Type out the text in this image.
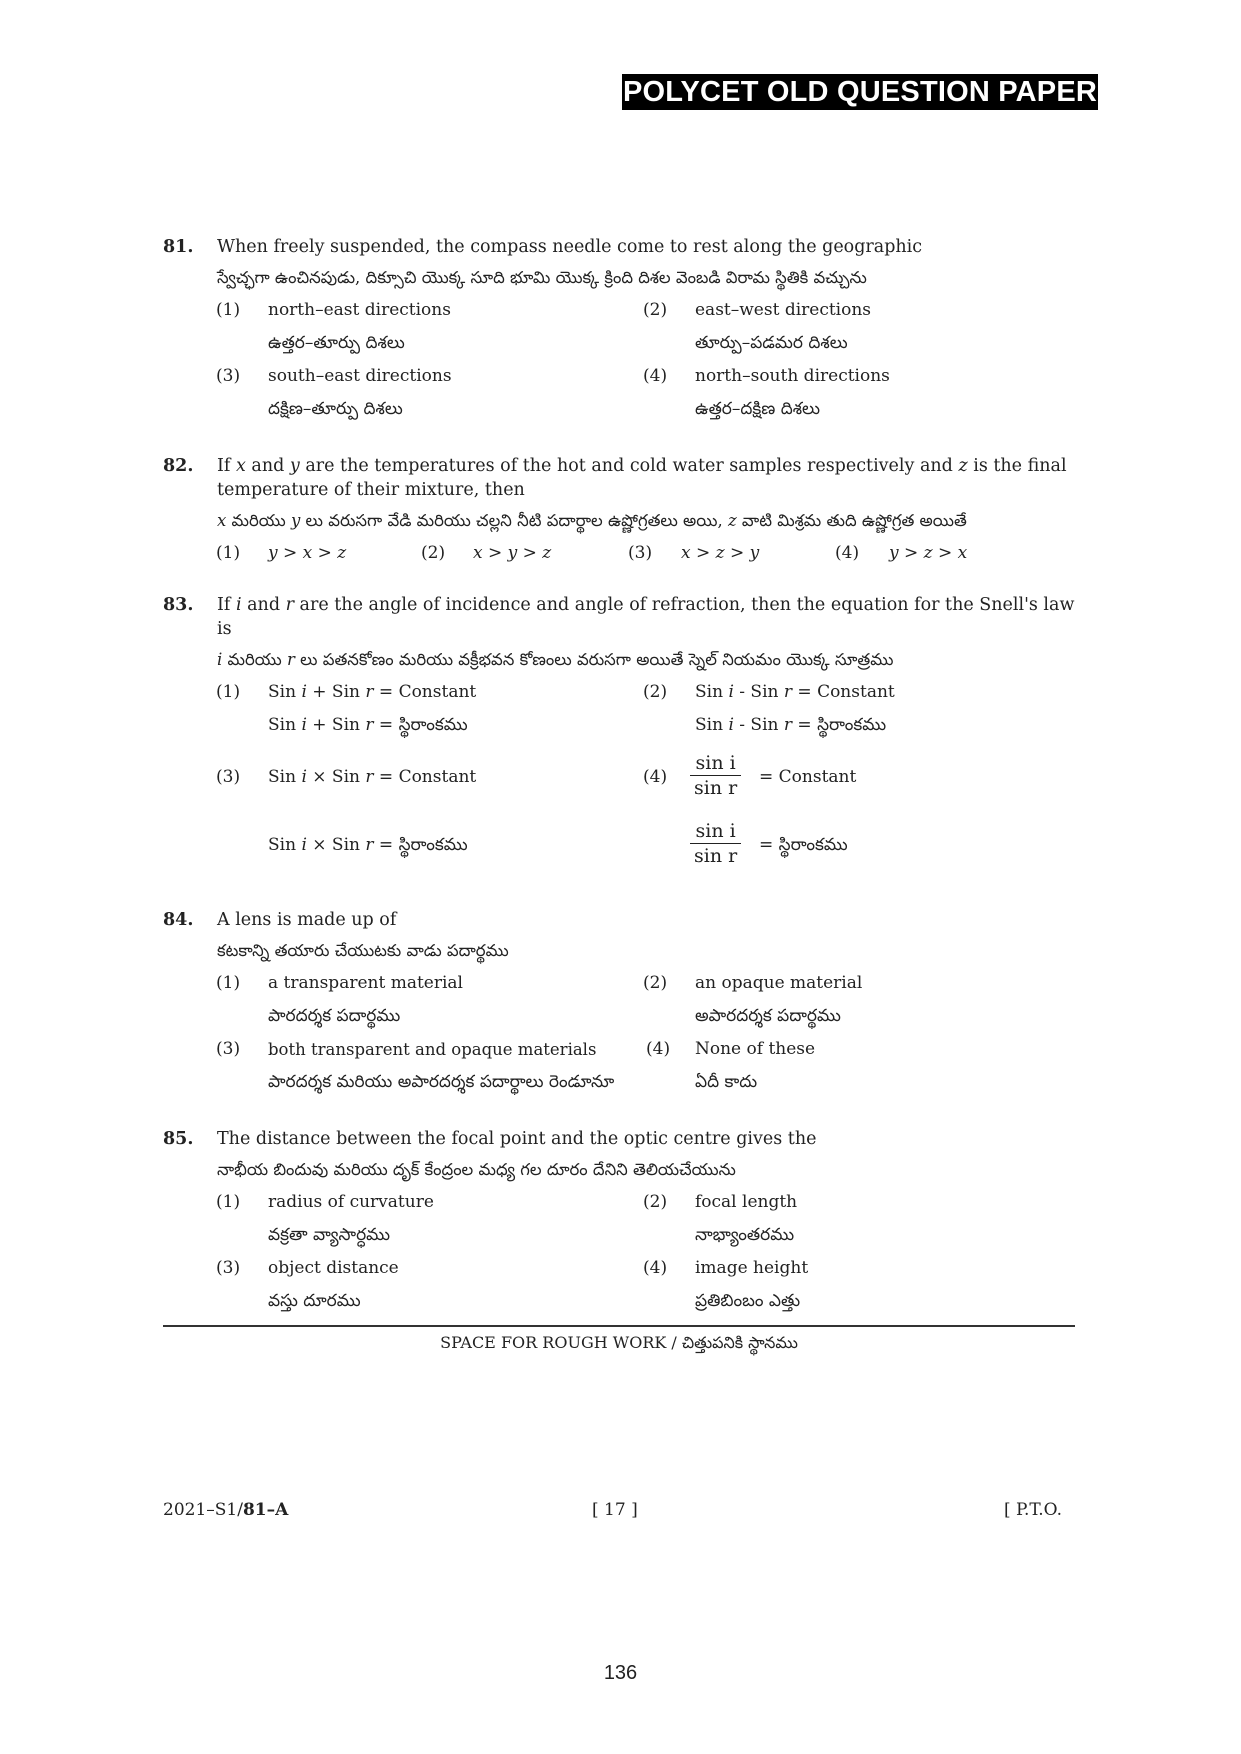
POLYCET OLD QUESTION PAPER
81. When freely suspended, the compass needle come to rest along the geographic
స్వేచ్ఛగా ఉంచినపుడు, దిక్సూచి యొక్క సూది భూమి యొక్క క్రింది దిశల వెంబడి విరామ స్థితికి వచ్చును
(1) north–east directions	(2) east–west directions
ఉత్తర–తూర్పు దిశలు	తూర్పు–పడమర దిశలు
(3) south–east directions	(4) north–south directions
దక్షిణ–తూర్పు దిశలు	ఉత్తర–దక్షిణ దిశలు
82. If x and y are the temperatures of the hot and cold water samples respectively and z is the final temperature of their mixture, then
x మరియు y లు వరుసగా వేడి మరియు చల్లని నీటి పదార్థాల ఉష్ణోగ్రతలు అయి, z వాటి మిశ్రమ తుది ఉష్ణోగ్రత అయితే
(1) y > x > z	(2) x > y > z	(3) x > z > y	(4) y > z > x
83. If i and r are the angle of incidence and angle of refraction, then the equation for the Snell's law is
i మరియు r లు పతనకోణం మరియు వక్రీభవన కోణంలు వరుసగా అయితే స్నెల్ నియమం యొక్క సూత్రము
(1) Sin i + Sin r = Constant	(2) Sin i - Sin r = Constant
Sin i + Sin r = స్థిరాంకము	Sin i - Sin r = స్థిరాంకము
(3) Sin i × Sin r = Constant	$(4) \frac{\text{sin i}}{\text{sin r}}$ = Constant
Sin i × Sin r = స్థిరాంకము	$\frac{\text{sin i}}{\text{sin r}}$ = స్థిరాంకము
84. A lens is made up of
కటకాన్ని తయారు చేయుటకు వాడు పదార్థము
(1) a transparent material	(2) an opaque material
పారదర్శక పదార్థము	అపారదర్శక పదార్థము
(3) both transparent and opaque materials	(4) None of these
పారదర్శక మరియు అపారదర్శక పదార్థాలు రెండూనూ	ఏదీ కాదు
85. The distance between the focal point and the optic centre gives the
నాభీయ బిందువు మరియు దృక్ కేంద్రంల మధ్య గల దూరం దేనిని తెలియచేయును
(1) radius of curvature	(2) focal length
వక్రతా వ్యాసార్ధము	నాభ్యాంతరము
(3) object distance	(4) image height
వస్తు దూరము	ప్రతిబింబం ఎత్తు
SPACE FOR ROUGH WORK / చిత్తుపనికి స్థానము
2021–S1/81–A	[ 17 ]	[ P.T.O.
136
